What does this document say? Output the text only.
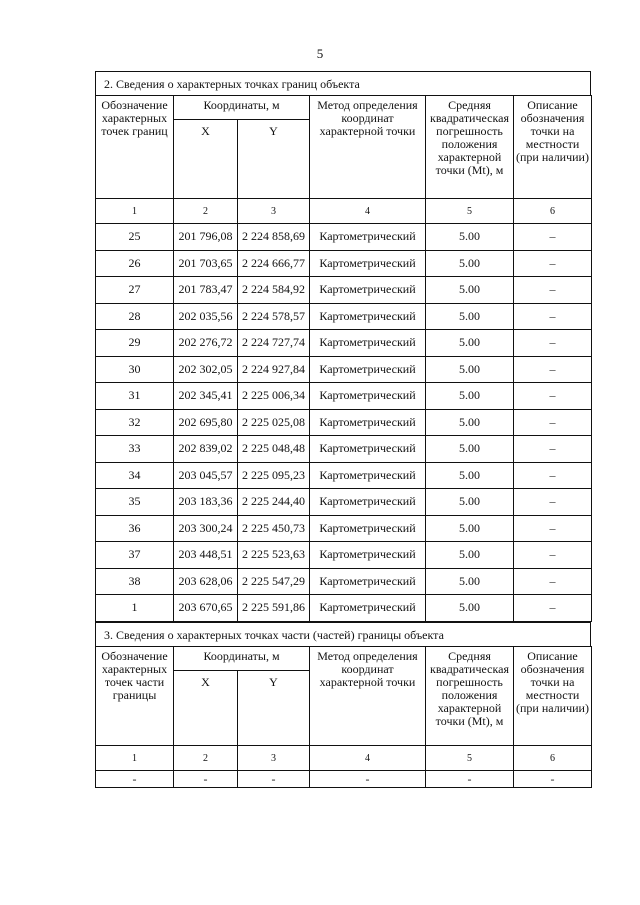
5
2. Сведения о характерных точках границ объекта
Обозначение характерных точек границ	Координаты, м		Метод определения координат характерной точки	Средняя квадратическая погрешность положения характерной точки (Mt), м	Описание обозначения точки на местности (при наличии)
	X	Y			
1	2	3	4	5	6
25	201 796,08	2 224 858,69	Картометрический	5.00	–
26	201 703,65	2 224 666,77	Картометрический	5.00	–
27	201 783,47	2 224 584,92	Картометрический	5.00	–
28	202 035,56	2 224 578,57	Картометрический	5.00	–
29	202 276,72	2 224 727,74	Картометрический	5.00	–
30	202 302,05	2 224 927,84	Картометрический	5.00	–
31	202 345,41	2 225 006,34	Картометрический	5.00	–
32	202 695,80	2 225 025,08	Картометрический	5.00	–
33	202 839,02	2 225 048,48	Картометрический	5.00	–
34	203 045,57	2 225 095,23	Картометрический	5.00	–
35	203 183,36	2 225 244,40	Картометрический	5.00	–
36	203 300,24	2 225 450,73	Картометрический	5.00	–
37	203 448,51	2 225 523,63	Картометрический	5.00	–
38	203 628,06	2 225 547,29	Картометрический	5.00	–
1	203 670,65	2 225 591,86	Картометрический	5.00	–
3. Сведения о характерных точках части (частей) границы объекта
Обозначение характерных точек части границы	Координаты, м		Метод определения координат характерной точки	Средняя квадратическая погрешность положения характерной точки (Mt), м	Описание обозначения точки на местности (при наличии)
	X	Y			
1	2	3	4	5	6
-	-	-	-	-	-
